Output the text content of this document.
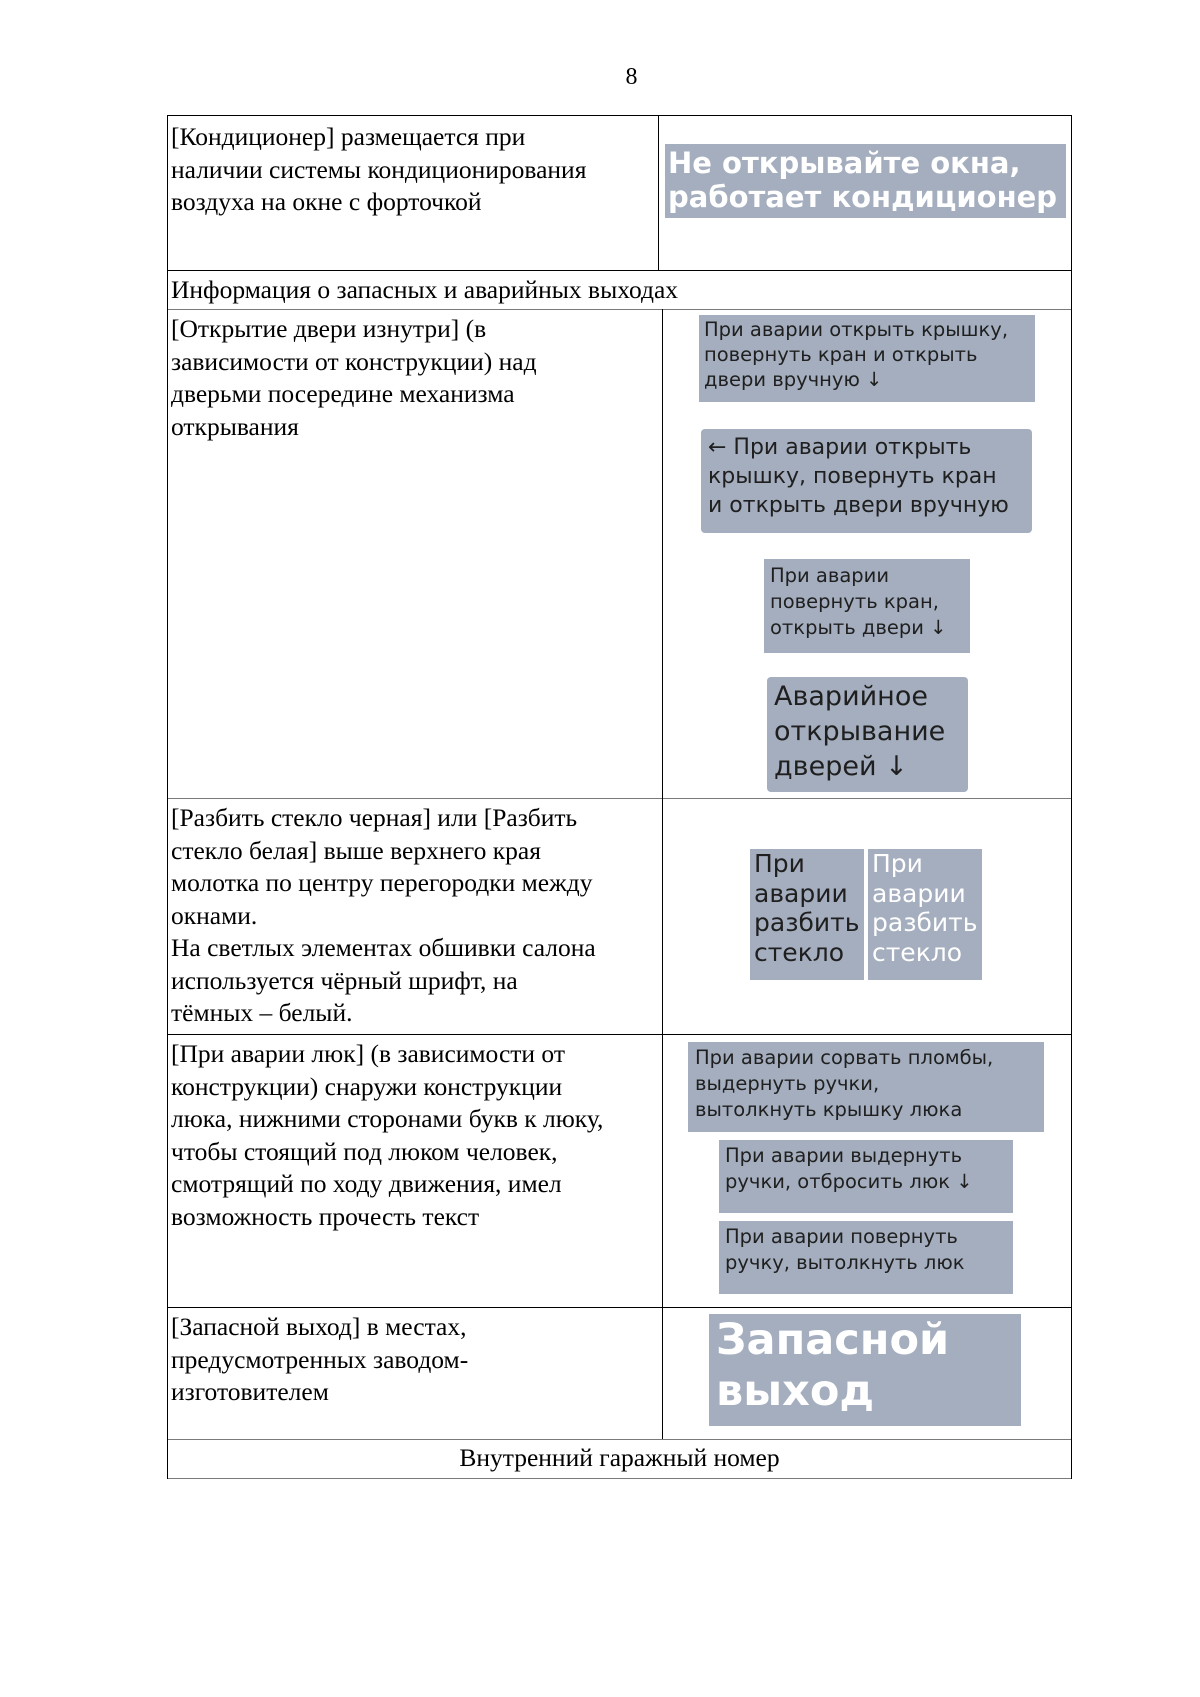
8
[Кондиционер] размещается при
наличии системы кондиционирования
воздуха на окне с форточкой
Не открывайте окна,
работает кондиционер
Информация о запасных и аварийных выходах
[Открытие двери изнутри] (в
зависимости от конструкции) над
дверьми посередине механизма
открывания
При аварии открыть крышку,
повернуть кран и открыть
двери вручную ↓
← При аварии открыть
крышку, повернуть кран
и открыть двери вручную
При аварии
повернуть кран,
открыть двери ↓
Аварийное
открывание
дверей ↓
[Разбить стекло черная] или [Разбить
стекло белая] выше верхнего края
молотка по центру перегородки между
окнами.
На светлых элементах обшивки салона
используется чёрный шрифт, на
тёмных – белый.
При
аварии
разбить
стекло
При
аварии
разбить
стекло
[При аварии люк] (в зависимости от
конструкции) снаружи конструкции
люка, нижними сторонами букв к люку,
чтобы стоящий под люком человек,
смотрящий по ходу движения, имел
возможность прочесть текст
При аварии сорвать пломбы,
выдернуть ручки,
вытолкнуть крышку люка
При аварии выдернуть
ручки, отбросить люк ↓
При аварии повернуть
ручку, вытолкнуть люк
[Запасной выход] в местах,
предусмотренных заводом-
изготовителем
Запасной
выход
Внутренний гаражный номер
